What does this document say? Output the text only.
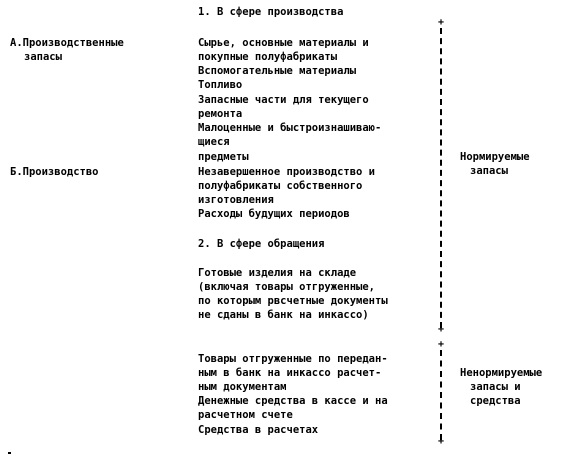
1. В сфере производства
А.Производственные
запасы
Б.Производство
Сырье, основные материалы и
покупные полуфабрикаты
Вспомогательные материалы
Топливо
Запасные части для текущего
ремонта
Малоценные и быстроизнашиваю-
щиеся
предметы
Незавершенное производство и
полуфабрикаты собственного
изготовления
Расходы будущих периодов
2. В сфере обращения
Готовые изделия на складе
(включая товары отгруженные,
по которым рвсчетные документы
не сданы в банк на инкассо)
Товары отгруженные по передан-
ным в банк на инкассо расчет-
ным документам
Денежные средства в кассе и на
расчетном счете
Средства в расчетах
Нормируемые
запасы
Ненормируемые
запасы и
средства
+
+
+
+
